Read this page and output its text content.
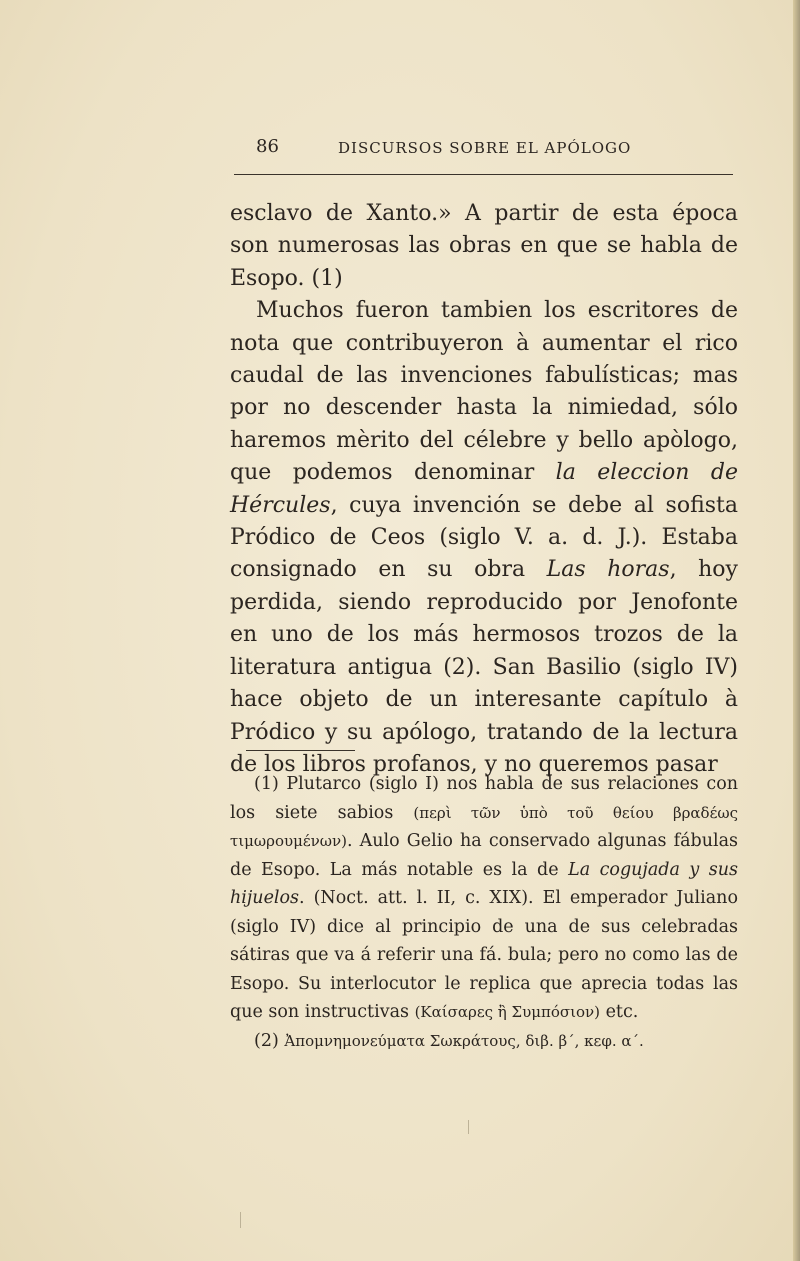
86	DISCURSOS SOBRE EL APÓLOGO

esclavo de Xanto.» A partir de esta época son numerosas las obras en que se habla de Esopo. (1)

Muchos fueron tambien los escritores de nota que contribuyeron à aumentar el rico caudal de las invenciones fabulísticas; mas por no descender hasta la nimiedad, sólo haremos mèrito del célebre y bello apòlogo, que podemos denominar la eleccion de Hércules, cuya invención se debe al sofista Pródico de Ceos (siglo V. a. d. J.). Estaba consignado en su obra Las horas, hoy perdida, siendo reproducido por Jenofonte en uno de los más hermosos trozos de la literatura antigua (2). San Basilio (siglo IV) hace objeto de un interesante capítulo à Pródico y su apólogo, tratando de la lectura de los libros profanos, y no queremos pasar

(1) Plutarco (siglo I) nos habla de sus relaciones con los siete sabios (περὶ τῶν ὑπὸ τοῦ θείου βραδέως τιμωρουμένων). Aulo Gelio ha conservado algunas fábulas de Esopo. La más notable es la de La cogujada y sus hijuelos. (Noct. att. l. II, c. XIX). El emperador Juliano (siglo IV) dice al principio de una de sus celebradas sátiras que va á referir una fá. bula; pero no como las de Esopo. Su interlocutor le replica que aprecia todas las que son instructivas (Καίσαρες ἢ Συμπόσιον) etc.

(2) Ἀπομνημονεύματα Σωκράτους, διβ. β΄, κεφ. α΄.
